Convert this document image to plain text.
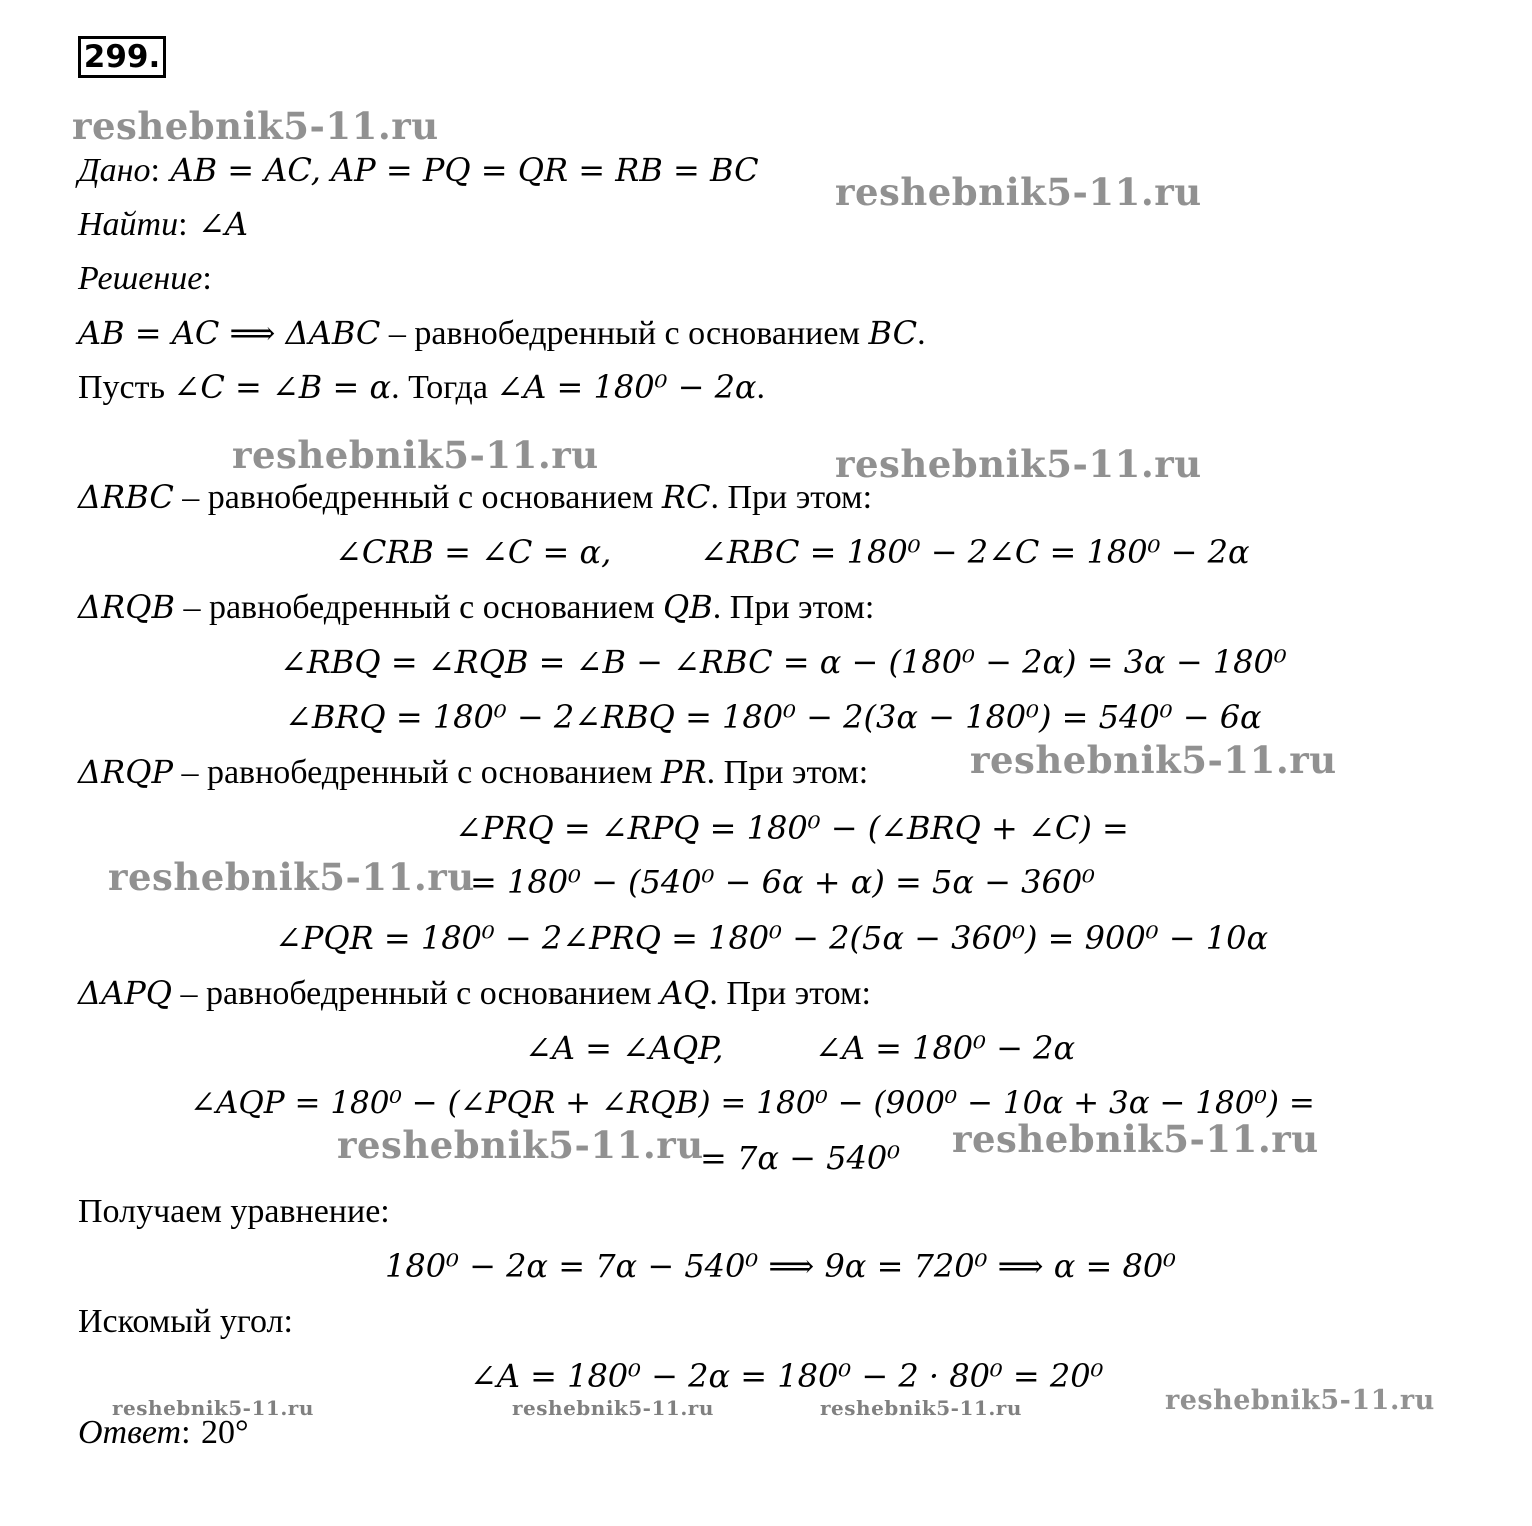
299.
Дано: AB = AC, AP = PQ = QR = RB = BC
Найти: ∠A
Решение:
AB = AC ⟹ ΔABC – равнобедренный с основанием BC.
Пусть ∠C = ∠B = α. Тогда ∠A = 180⁰ − 2α.
ΔRBC – равнобедренный с основанием RC. При этом:
∠CRB = ∠C = α,	∠RBC = 180⁰ − 2∠C = 180⁰ − 2α
ΔRQB – равнобедренный с основанием QB. При этом:
∠RBQ = ∠RQB = ∠B − ∠RBC = α − (180⁰ − 2α) = 3α − 180⁰
∠BRQ = 180⁰ − 2∠RBQ = 180⁰ − 2(3α − 180⁰) = 540⁰ − 6α
ΔRQP – равнобедренный с основанием PR. При этом:
∠PRQ = ∠RPQ = 180⁰ − (∠BRQ + ∠C) =
= 180⁰ − (540⁰ − 6α + α) = 5α − 360⁰
∠PQR = 180⁰ − 2∠PRQ = 180⁰ − 2(5α − 360⁰) = 900⁰ − 10α
ΔAPQ – равнобедренный с основанием AQ. При этом:
∠A = ∠AQP,	∠A = 180⁰ − 2α
∠AQP = 180⁰ − (∠PQR + ∠RQB) = 180⁰ − (900⁰ − 10α + 3α − 180⁰) =
= 7α − 540⁰
Получаем уравнение:
180⁰ − 2α = 7α − 540⁰ ⟹ 9α = 720⁰ ⟹ α = 80⁰
Искомый угол:
∠A = 180⁰ − 2α = 180⁰ − 2 · 80⁰ = 20⁰
Ответ: 20°
reshebnik5-11.ru
reshebnik5-11.ru
reshebnik5-11.ru	reshebnik5-11.ru
reshebnik5-11.ru
reshebnik5-11.ru
reshebnik5-11.ru	reshebnik5-11.ru
reshebnik5-11.ru
reshebnik5-11.ru	reshebnik5-11.ru	reshebnik5-11.ru
